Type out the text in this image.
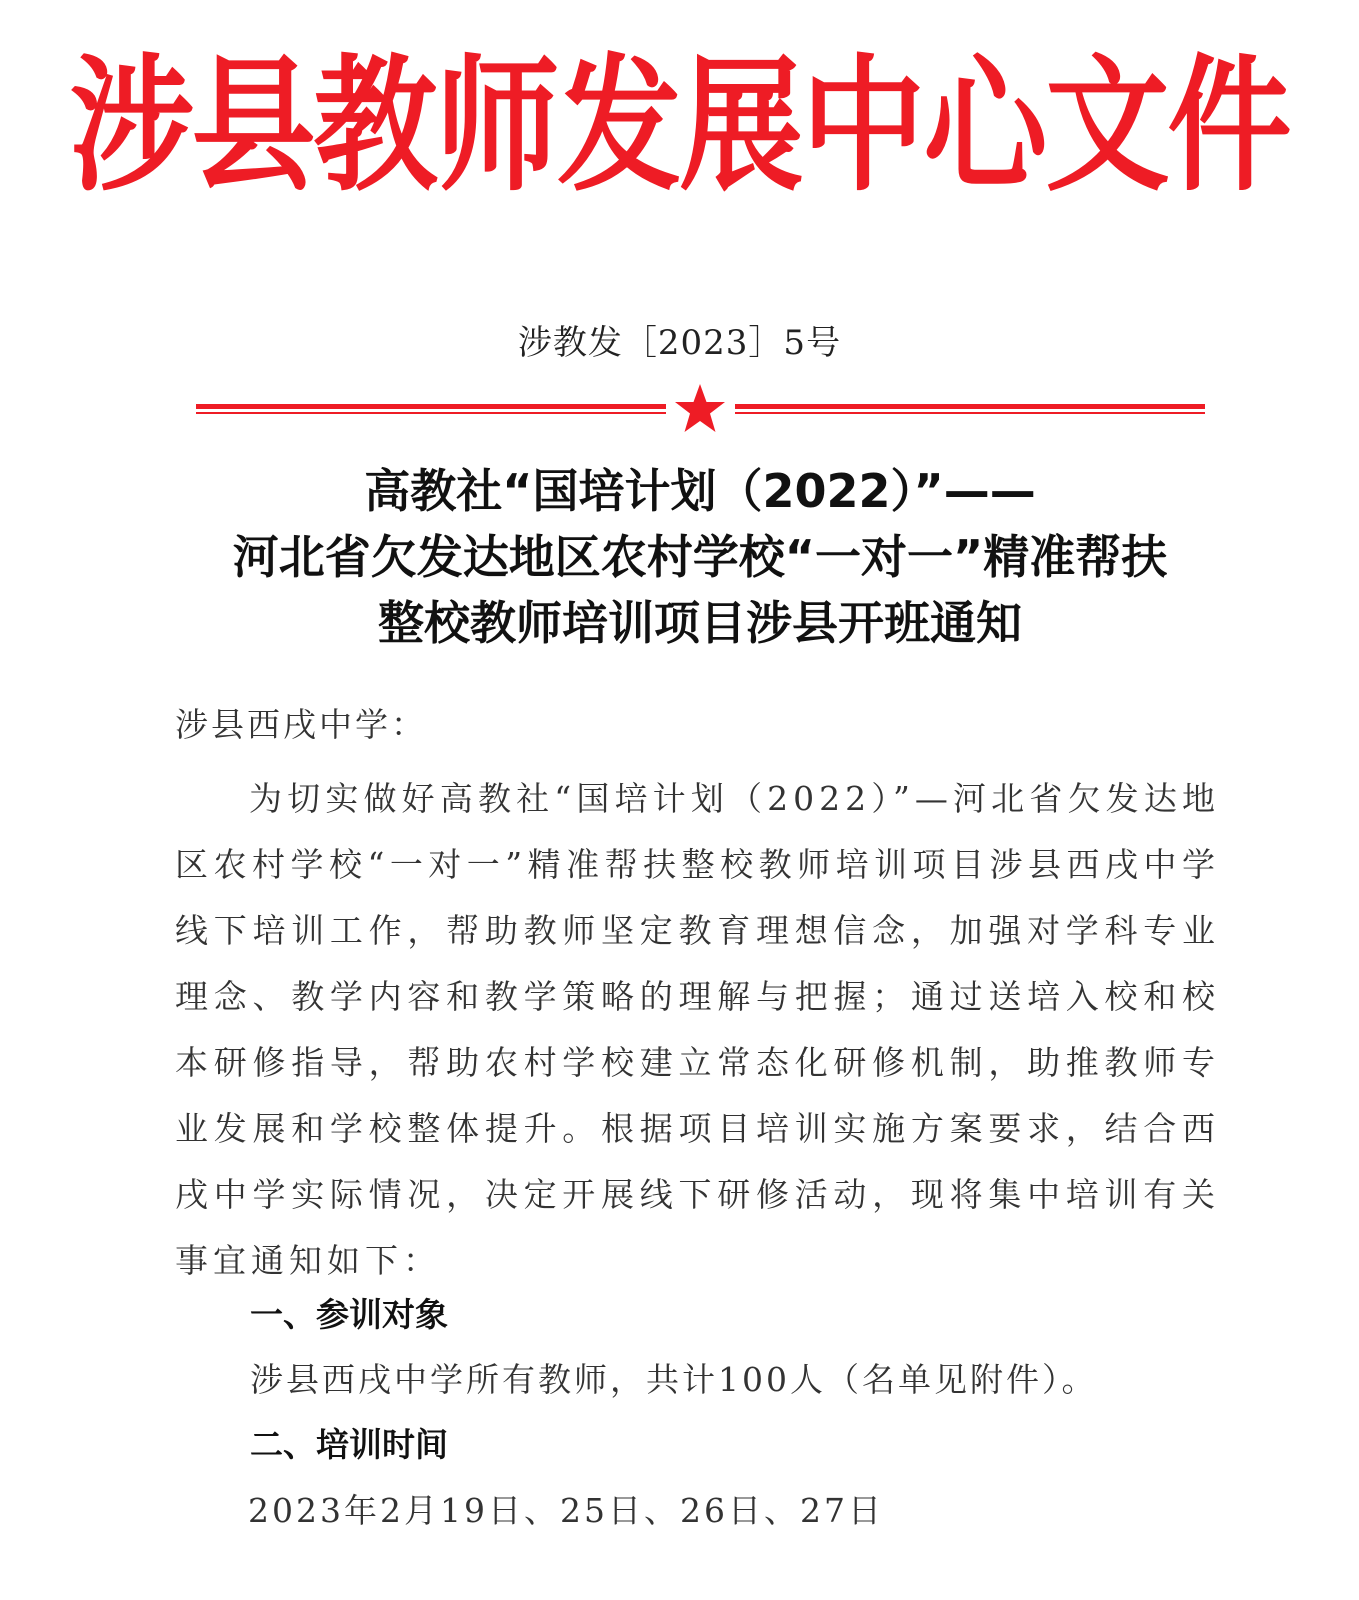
涉县教师发展中心文件
涉教发［2023］5号
高教社“国培计划（2022）”——
河北省欠发达地区农村学校“一对一”精准帮扶
整校教师培训项目涉县开班通知
涉县西戌中学：
为切实做好高教社“国培计划（2022）”—河北省欠发达地区农村学校“一对一”精准帮扶整校教师培训项目涉县西戌中学线下培训工作，帮助教师坚定教育理想信念，加强对学科专业理念、教学内容和教学策略的理解与把握；通过送培入校和校本研修指导，帮助农村学校建立常态化研修机制，助推教师专业发展和学校整体提升。根据项目培训实施方案要求，结合西戌中学实际情况，决定开展线下研修活动，现将集中培训有关事宜通知如下：
一、参训对象
涉县西戌中学所有教师，共计100人（名单见附件）。
二、培训时间
2023年2月19日、25日、26日、27日
